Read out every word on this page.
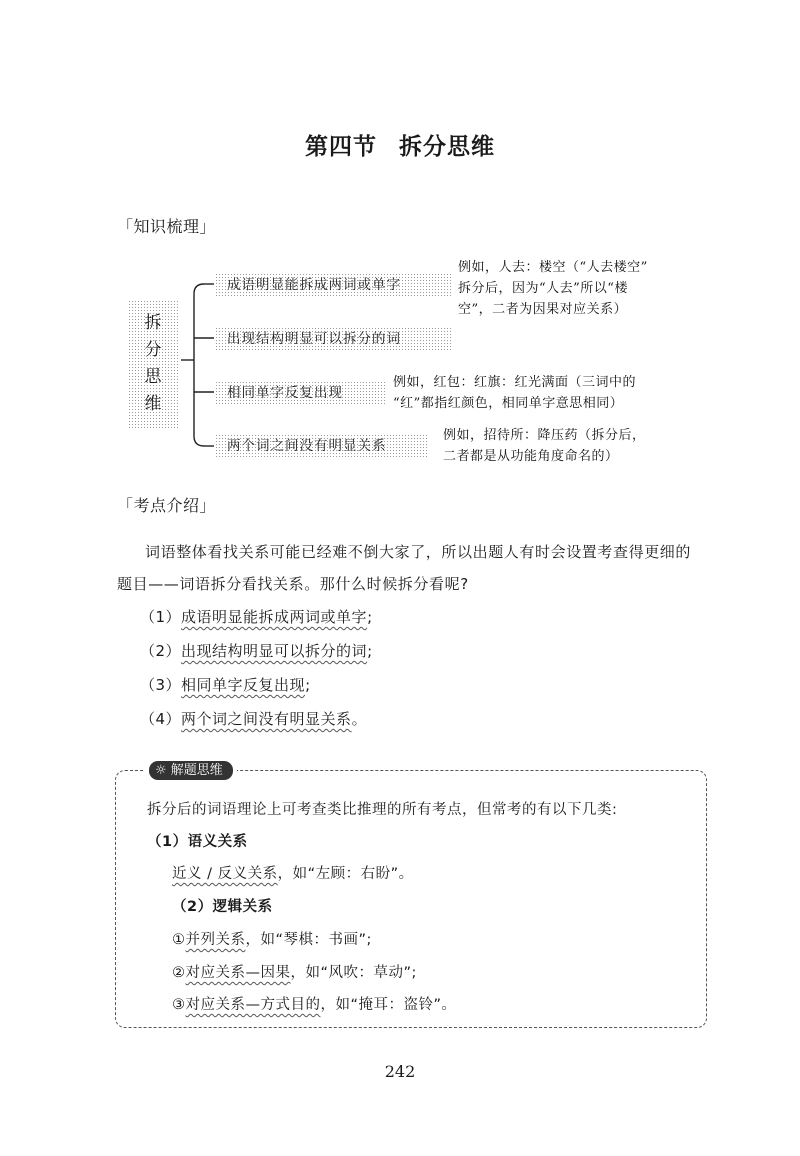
第四节 拆分思维
「知识梳理」
拆
分
思
维
成语明显能拆成两词或单字
出现结构明显可以拆分的词
相同单字反复出现
两个词之间没有明显关系
例如，人去：楼空（“人去楼空”
拆分后，因为“人去”所以“楼
空”，二者为因果对应关系）
例如，红包：红旗：红光满面（三词中的
“红”都指红颜色，相同单字意思相同）
例如，招待所：降压药（拆分后，
二者都是从功能角度命名的）
「考点介绍」
词语整体看找关系可能已经难不倒大家了，所以出题人有时会设置考查得更细的
题目——词语拆分看找关系。那什么时候拆分看呢?
（1）成语明显能拆成两词或单字;
（2）出现结构明显可以拆分的词;
（3）相同单字反复出现;
（4）两个词之间没有明显关系。
☼ 解题思维
拆分后的词语理论上可考查类比推理的所有考点，但常考的有以下几类:
（1）语义关系
近义 / 反义关系，如“左顾：右盼”。
（2）逻辑关系
①并列关系，如“琴棋：书画”;
②对应关系—因果，如“风吹：草动”;
③对应关系—方式目的，如“掩耳：盗铃”。
242
